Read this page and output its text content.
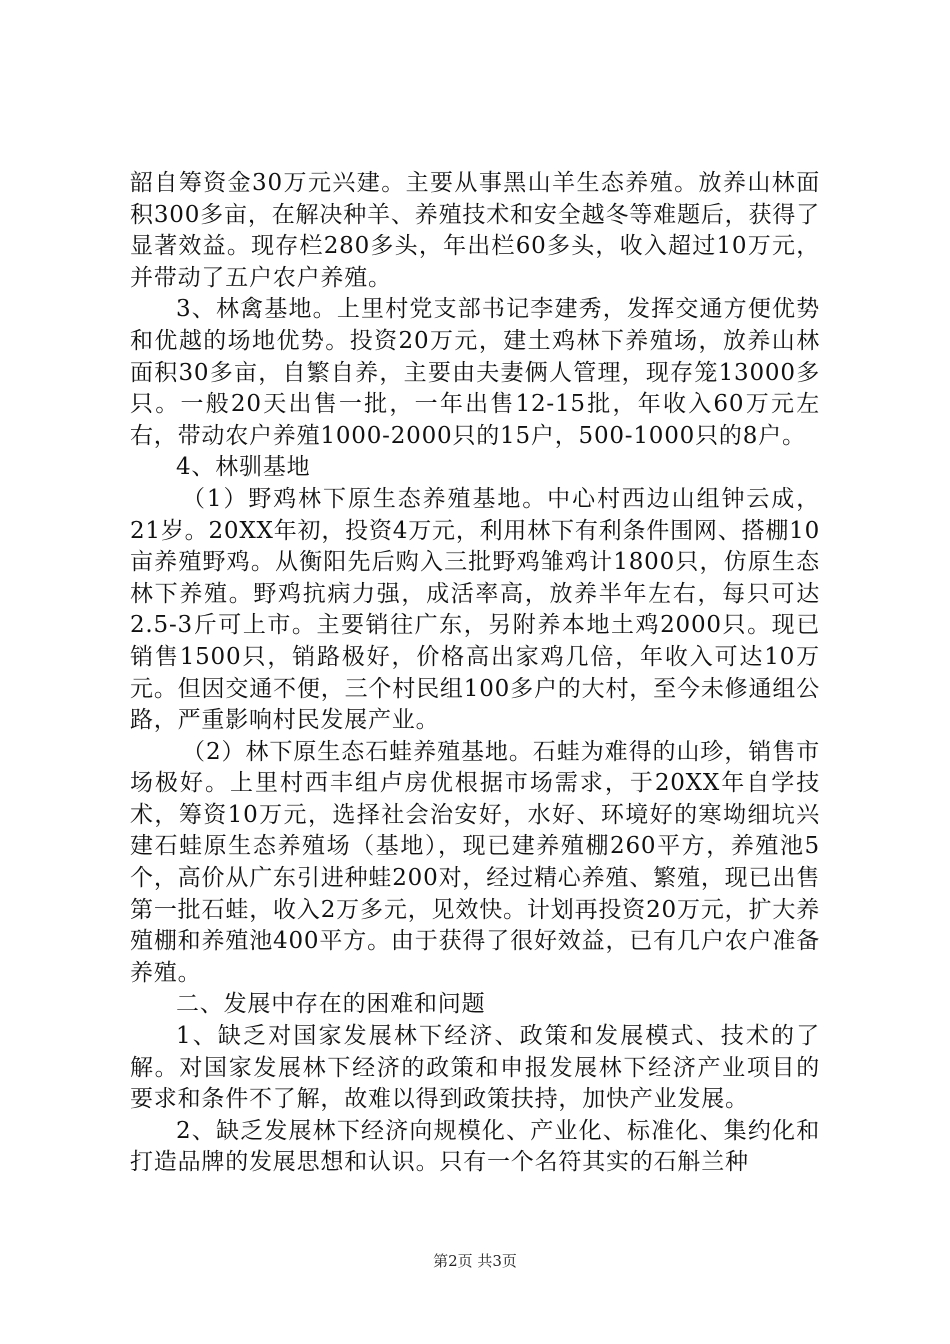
韶自筹资金30万元兴建。主要从事黑山羊生态养殖。放养山林面积300多亩，在解决种羊、养殖技术和安全越冬等难题后，获得了显著效益。现存栏280多头，年出栏60多头，收入超过10万元，并带动了五户农户养殖。

3、林禽基地。上里村党支部书记李建秀，发挥交通方便优势和优越的场地优势。投资20万元，建土鸡林下养殖场，放养山林面积30多亩，自繁自养，主要由夫妻俩人管理，现存笼13000多只。一般20天出售一批，一年出售12-15批，年收入60万元左右，带动农户养殖1000-2000只的15户，500-1000只的8户。

4、林驯基地

（1）野鸡林下原生态养殖基地。中心村西边山组钟云成，21岁。20XX年初，投资4万元，利用林下有利条件围网、搭棚10亩养殖野鸡。从衡阳先后购入三批野鸡雏鸡计1800只，仿原生态林下养殖。野鸡抗病力强，成活率高，放养半年左右，每只可达2.5-3斤可上市。主要销往广东，另附养本地土鸡2000只。现已销售1500只，销路极好，价格高出家鸡几倍，年收入可达10万元。但因交通不便，三个村民组100多户的大村，至今未修通组公路，严重影响村民发展产业。

（2）林下原生态石蛙养殖基地。石蛙为难得的山珍，销售市场极好。上里村西丰组卢房优根据市场需求，于20XX年自学技术，筹资10万元，选择社会治安好，水好、环境好的寒坳细坑兴建石蛙原生态养殖场（基地），现已建养殖棚260平方，养殖池5个，高价从广东引进种蛙200对，经过精心养殖、繁殖，现已出售第一批石蛙，收入2万多元，见效快。计划再投资20万元，扩大养殖棚和养殖池400平方。由于获得了很好效益，已有几户农户准备养殖。

二、发展中存在的困难和问题

1、缺乏对国家发展林下经济、政策和发展模式、技术的了解。对国家发展林下经济的政策和申报发展林下经济产业项目的要求和条件不了解，故难以得到政策扶持，加快产业发展。

2、缺乏发展林下经济向规模化、产业化、标准化、集约化和打造品牌的发展思想和认识。只有一个名符其实的石斛兰种

第2页 共3页
